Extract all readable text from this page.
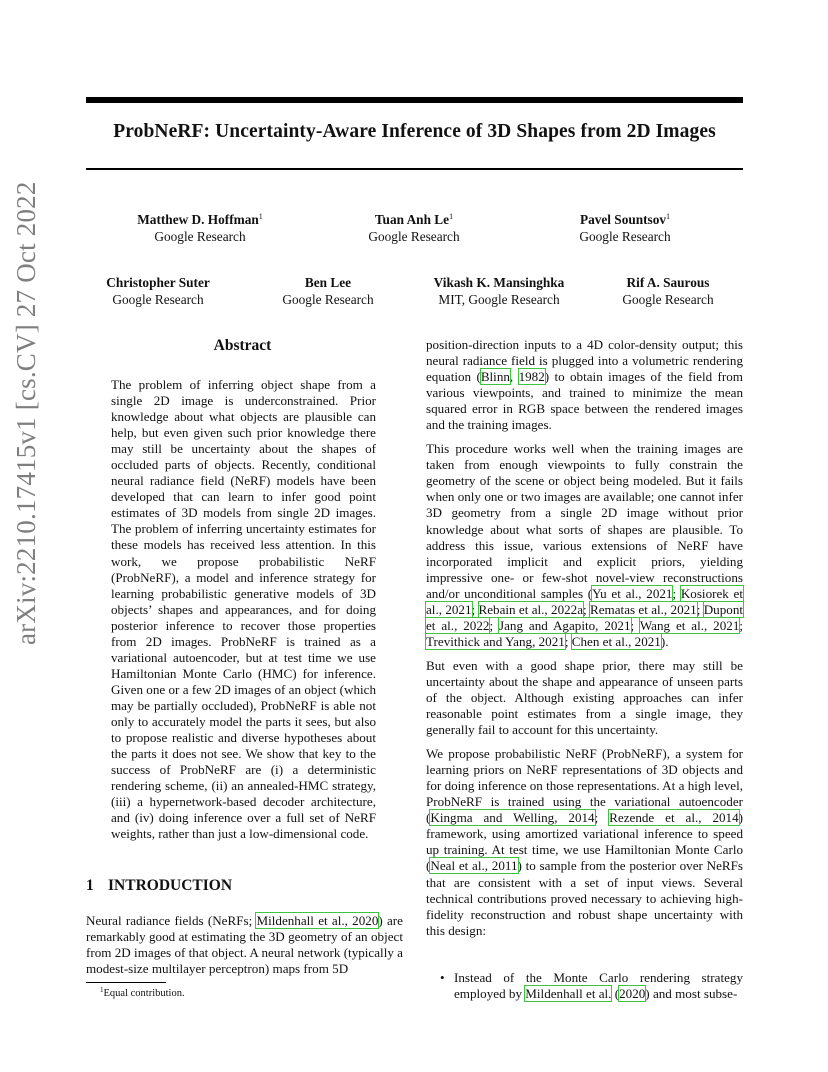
ProbNeRF: Uncertainty-Aware Inference of 3D Shapes from 2D Images
arXiv:2210.17415v1 [cs.CV] 27 Oct 2022	Matthew D. Hoffman$^1$
Google Research
Tuan Anh Le$^1$
Google Research
Pavel Sountsov$^1$
Google Research
Christopher Suter
Google Research
Ben Lee
Google Research
Vikash K. Mansinghka
MIT, Google Research
Rif A. Saurous
Google Research
Abstract

The problem of inferring object shape from a single 2D image is underconstrained. Prior knowledge about what objects are plausible can help, but even given such prior knowledge there may still be uncertainty about the shapes of occluded parts of objects. Recently, conditional neural radiance field (NeRF) models have been developed that can learn to infer good point estimates of 3D models from single 2D images. The problem of inferring uncertainty estimates for these models has received less attention. In this work, we propose probabilistic NeRF (ProbNeRF), a model and inference strategy for learning probabilistic generative models of 3D objects’ shapes and appearances, and for doing posterior inference to recover those properties from 2D images. ProbNeRF is trained as a variational autoencoder, but at test time we use Hamiltonian Monte Carlo (HMC) for inference. Given one or a few 2D images of an object (which may be partially occluded), ProbNeRF is able not only to accurately model the parts it sees, but also to propose realistic and diverse hypotheses about the parts it does not see. We show that key to the success of ProbNeRF are (i) a deterministic rendering scheme, (ii) an annealed-HMC strategy, (iii) a hypernetwork-based decoder architecture, and (iv) doing inference over a full set of NeRF weights, rather than just a low-dimensional code.

1 INTRODUCTION

Neural radiance fields (NeRFs; Mildenhall et al., 2020) are remarkably good at estimating the 3D geometry of an object from 2D images of that object. A neural network (typically a modest-size multilayer perceptron) maps from 5D

$^1$Equal contribution.

position-direction inputs to a 4D color-density output; this neural radiance field is plugged into a volumetric rendering equation (Blinn, 1982) to obtain images of the field from various viewpoints, and trained to minimize the mean squared error in RGB space between the rendered images and the training images.

This procedure works well when the training images are taken from enough viewpoints to fully constrain the geometry of the scene or object being modeled. But it fails when only one or two images are available; one cannot infer 3D geometry from a single 2D image without prior knowledge about what sorts of shapes are plausible. To address this issue, various extensions of NeRF have incorporated implicit and explicit priors, yielding impressive one- or few-shot novel-view reconstructions and/or unconditional samples (Yu et al., 2021; Kosiorek et al., 2021; Rebain et al., 2022a; Rematas et al., 2021; Dupont et al., 2022; Jang and Agapito, 2021; Wang et al., 2021; Trevithick and Yang, 2021; Chen et al., 2021).

But even with a good shape prior, there may still be uncertainty about the shape and appearance of unseen parts of the object. Although existing approaches can infer reasonable point estimates from a single image, they generally fail to account for this uncertainty.

We propose probabilistic NeRF (ProbNeRF), a system for learning priors on NeRF representations of 3D objects and for doing inference on those representations. At a high level, ProbNeRF is trained using the variational autoencoder (Kingma and Welling, 2014; Rezende et al., 2014) framework, using amortized variational inference to speed up training. At test time, we use Hamiltonian Monte Carlo (Neal et al., 2011) to sample from the posterior over NeRFs that are consistent with a set of input views. Several technical contributions proved necessary to achieving high-fidelity reconstruction and robust shape uncertainty with this design:

• Instead of the Monte Carlo rendering strategy employed by Mildenhall et al. (2020) and most subse-
